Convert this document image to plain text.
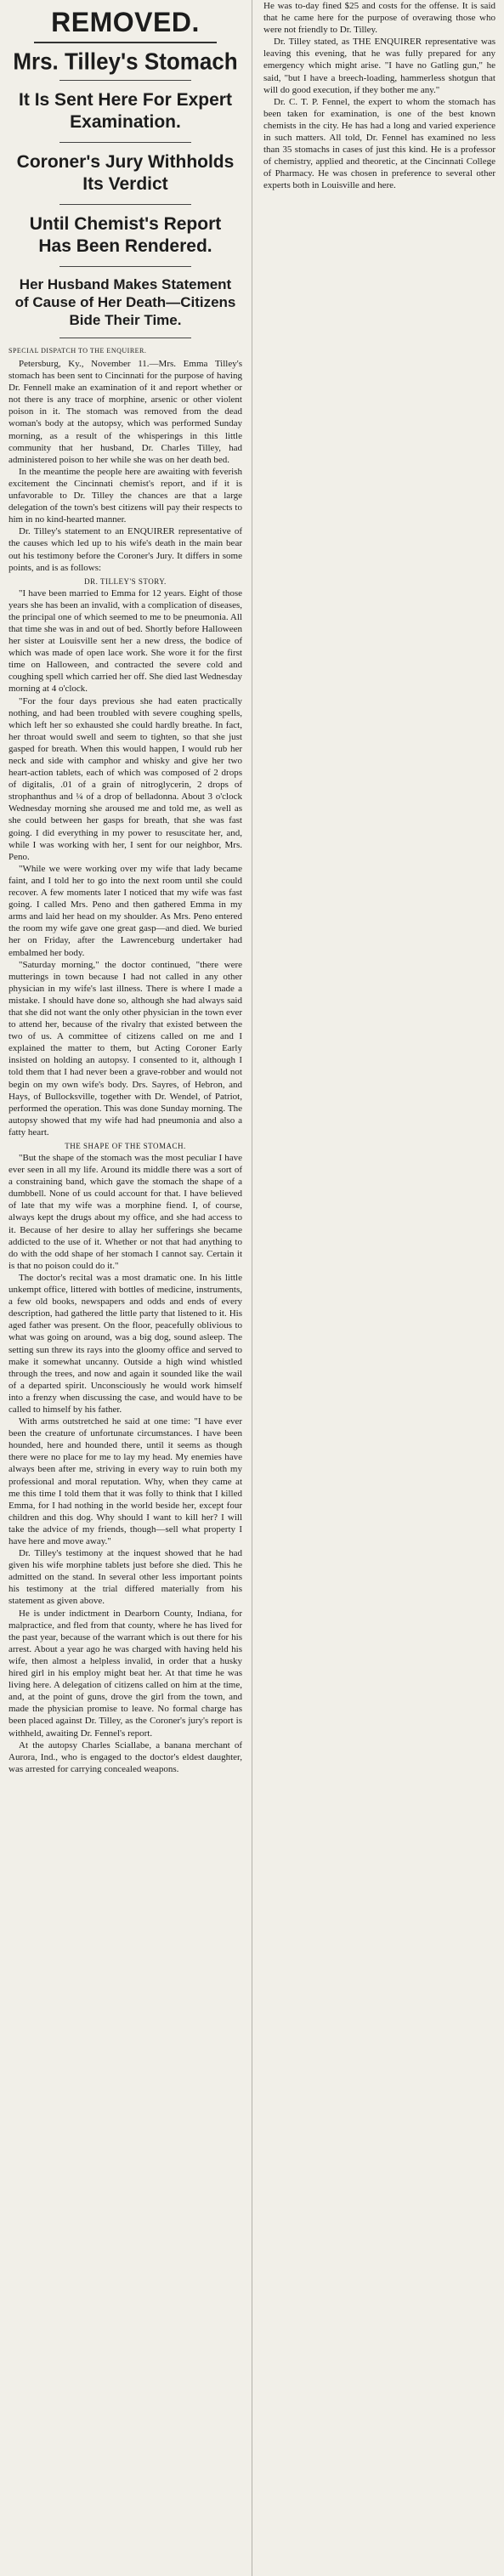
REMOVED.
Mrs. Tilley's Stomach
It Is Sent Here For Expert Examination.
Coroner's Jury Withholds Its Verdict
Until Chemist's Report Has Been Rendered.
Her Husband Makes Statement of Cause of Her Death—Citizens Bide Their Time.
SPECIAL DISPATCH TO THE ENQUIRER.

Petersburg, Ky., November 11.—Mrs. Emma Tilley's stomach has been sent to Cincinnati for the purpose of having Dr. Fennell make an examination of it and report whether or not there is any trace of morphine, arsenic or other violent poison in it. The stomach was removed from the dead woman's body at the autopsy, which was performed Sunday morning, as a result of the whisperings in this little community that her husband, Dr. Charles Tilley, had administered poison to her while she was on her death bed.

In the meantime the people here are awaiting with feverish excitement the Cincinnati chemist's report, and if it is unfavorable to Dr. Tilley the chances are that a large delegation of the town's best citizens will pay their respects to him in no kind-hearted manner.

Dr. Tilley's statement to an ENQUIRER representative of the causes which led up to his wife's death in the main bear out his testimony before the Coroner's Jury. It differs in some points, and is as follows:

DR. TILLEY'S STORY.

"I have been married to Emma for 12 years. Eight of those years she has been an invalid, with a complication of diseases, the principal one of which seemed to me to be pneumonia. All that time she was in and out of bed. Shortly before Halloween her sister at Louisville sent her a new dress, the bodice of which was made of open lace work. She wore it for the first time on Halloween, and contracted the severe cold and coughing spell which carried her off. She died last Wednesday morning at 4 o'clock.

"For the four days previous she had eaten practically nothing, and had been troubled with severe coughing spells, which left her so exhausted she could hardly breathe. In fact, her throat would swell and seem to tighten, so that she just gasped for breath. When this would happen, I would rub her neck and side with camphor and whisky and give her two heart-action tablets, each of which was composed of 2 drops of digitalis, .01 of a grain of nitroglycerin, 2 drops of strophanthus and ¼ of a drop of belladonna. About 3 o'clock Wednesday morning she aroused me and told me, as well as she could between her gasps for breath, that she was fast going. I did everything in my power to resuscitate her, and, while I was working with her, I sent for our neighbor, Mrs. Peno.

"While we were working over my wife that lady became faint, and I told her to go into the next room until she could recover. A few moments later I noticed that my wife was fast going. I called Mrs. Peno and then gathered Emma in my arms and laid her head on my shoulder. As Mrs. Peno entered the room my wife gave one great gasp—and died. We buried her on Friday, after the Lawrenceburg undertaker had embalmed her body.

"Saturday morning," the doctor continued, "there were mutterings in town because I had not called in any other physician in my wife's last illness. There is where I made a mistake. I should have done so, although she had always said that she did not want the only other physician in the town ever to attend her, because of the rivalry that existed between the two of us. A committee of citizens called on me and I explained the matter to them, but Acting Coroner Early insisted on holding an autopsy. I consented to it, although I told them that I had never been a grave-robber and would not begin on my own wife's body. Drs. Sayres, of Hebron, and Hays, of Bullocksville, together with Dr. Wendel, of Patriot, performed the operation. This was done Sunday morning. The autopsy showed that my wife had had pneumonia and also a fatty heart.

THE SHAPE OF THE STOMACH.

"But the shape of the stomach was the most peculiar I have ever seen in all my life. Around its middle there was a sort of a constraining band, which gave the stomach the shape of a dumbbell. None of us could account for that. I have believed of late that my wife was a morphine fiend. I, of course, always kept the drugs about my office, and she had access to it. Because of her desire to allay her sufferings she became addicted to the use of it. Whether or not that had anything to do with the odd shape of her stomach I cannot say. Certain it is that no poison could do it."

The doctor's recital was a most dramatic one. In his little unkempt office, littered with bottles of medicine, instruments, a few old books, newspapers and odds and ends of every description, had gathered the little party that listened to it. His aged father was present. On the floor, peacefully oblivious to what was going on around, was a big dog, sound asleep. The setting sun threw its rays into the gloomy office and served to make it somewhat uncanny. Outside a high wind whistled through the trees, and now and again it sounded like the wail of a departed spirit. Unconsciously he would work himself into a frenzy when discussing the case, and would have to be called to himself by his father.

With arms outstretched he said at one time: "I have ever been the creature of unfortunate circumstances. I have been hounded, here and hounded there, until it seems as though there were no place for me to lay my head. My enemies have always been after me, striving in every way to ruin both my professional and moral reputation. Why, when they came at me this time I told them that it was folly to think that I killed Emma, for I had nothing in the world beside her, except four children and this dog. Why should I want to kill her? I will take the advice of my friends, though—sell what property I have here and move away."

Dr. Tilley's testimony at the inquest showed that he had given his wife morphine tablets just before she died. This he admitted on the stand. In several other less important points his testimony at the trial differed materially from his statement as given above.

He is under indictment in Dearborn County, Indiana, for malpractice, and fled from that county, where he has lived for the past year, because of the warrant which is out there for his arrest. About a year ago he was charged with having held his wife, then almost a helpless invalid, in order that a husky hired girl in his employ might beat her. At that time he was living here. A delegation of citizens called on him at the time, and, at the point of guns, drove the girl from the town, and made the physician promise to leave. No formal charge has been placed against Dr. Tilley, as the Coroner's jury's report is withheld, awaiting Dr. Fennel's report.

At the autopsy Charles Sciallabe, a banana merchant of Aurora, Ind., who is engaged to the doctor's eldest daughter, was arrested for carrying concealed weapons.

He was to-day fined $25 and costs for the offense. It is said that he came here for the purpose of overawing those who were not friendly to Dr. Tilley.

Dr. Tilley stated, as THE ENQUIRER representative was leaving this evening, that he was fully prepared for any emergency which might arise. "I have no Gatling gun," he said, "but I have a breech-loading, hammerless shotgun that will do good execution, if they bother me any."

Dr. C. T. P. Fennel, the expert to whom the stomach has been taken for examination, is one of the best known chemists in the city. He has had a long and varied experience in such matters. All told, Dr. Fennel has examined no less than 35 stomachs in cases of just this kind. He is a professor of chemistry, applied and theoretic, at the Cincinnati College of Pharmacy. He was chosen in preference to several other experts both in Louisville and here.
